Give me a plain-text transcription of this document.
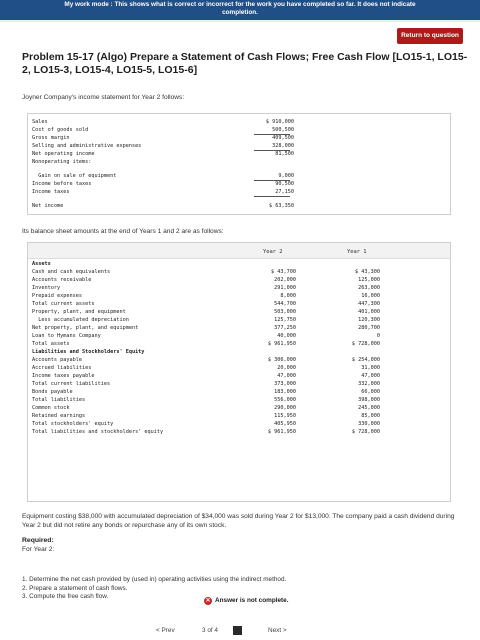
My work mode : This shows what is correct or incorrect for the work you have completed so far. It does not indicate
completion.
Return to question
Problem 15-17 (Algo) Prepare a Statement of Cash Flows; Free Cash Flow [LO15-1, LO15-2, LO15-3, LO15-4, LO15-5, LO15-6]
Joyner Company's income statement for Year 2 follows:
Sales	$ 910,000
Cost of goods sold	500,500
Gross margin	409,500
Selling and administrative expenses	328,000
Net operating income	81,500
Nonoperating items:
Gain on sale of equipment	9,000
Income before taxes	90,500
Income taxes	27,150
Net income	$ 63,350
Its balance sheet amounts at the end of Years 1 and 2 are as follows:
Year 2	Year 1
Assets
Cash and cash equivalents	$ 43,700	$ 43,300
Accounts receivable	202,000	125,000
Inventory	291,000	263,000
Prepaid expenses	8,000	16,000
Total current assets	544,700	447,300
Property, plant, and equipment	503,000	401,000
Less accumulated depreciation	125,750	120,300
Net property, plant, and equipment	377,250	280,700
Loan to Hymans Company	40,000	0
Total assets	$ 961,950	$ 728,000
Liabilities and Stockholders' Equity
Accounts payable	$ 306,000	$ 254,000
Accrued liabilities	20,000	31,000
Income taxes payable	47,000	47,000
Total current liabilities	373,000	332,000
Bonds payable	183,000	66,000
Total liabilities	556,000	398,000
Common stock	290,000	245,000
Retained earnings	115,950	85,000
Total stockholders' equity	405,950	330,000
Total liabilities and stockholders' equity	$ 961,950	$ 728,000
Equipment costing $38,000 with accumulated depreciation of $34,000 was sold during Year 2 for $13,000. The company paid a cash dividend during Year 2 but did not retire any bonds or repurchase any of its own stock.
Required:
For Year 2:
1. Determine the net cash provided by (used in) operating activities using the indirect method.
2. Prepare a statement of cash flows.
3. Compute the free cash flow.
✕ Answer is not complete.
< Prev	3 of 4	Next >
